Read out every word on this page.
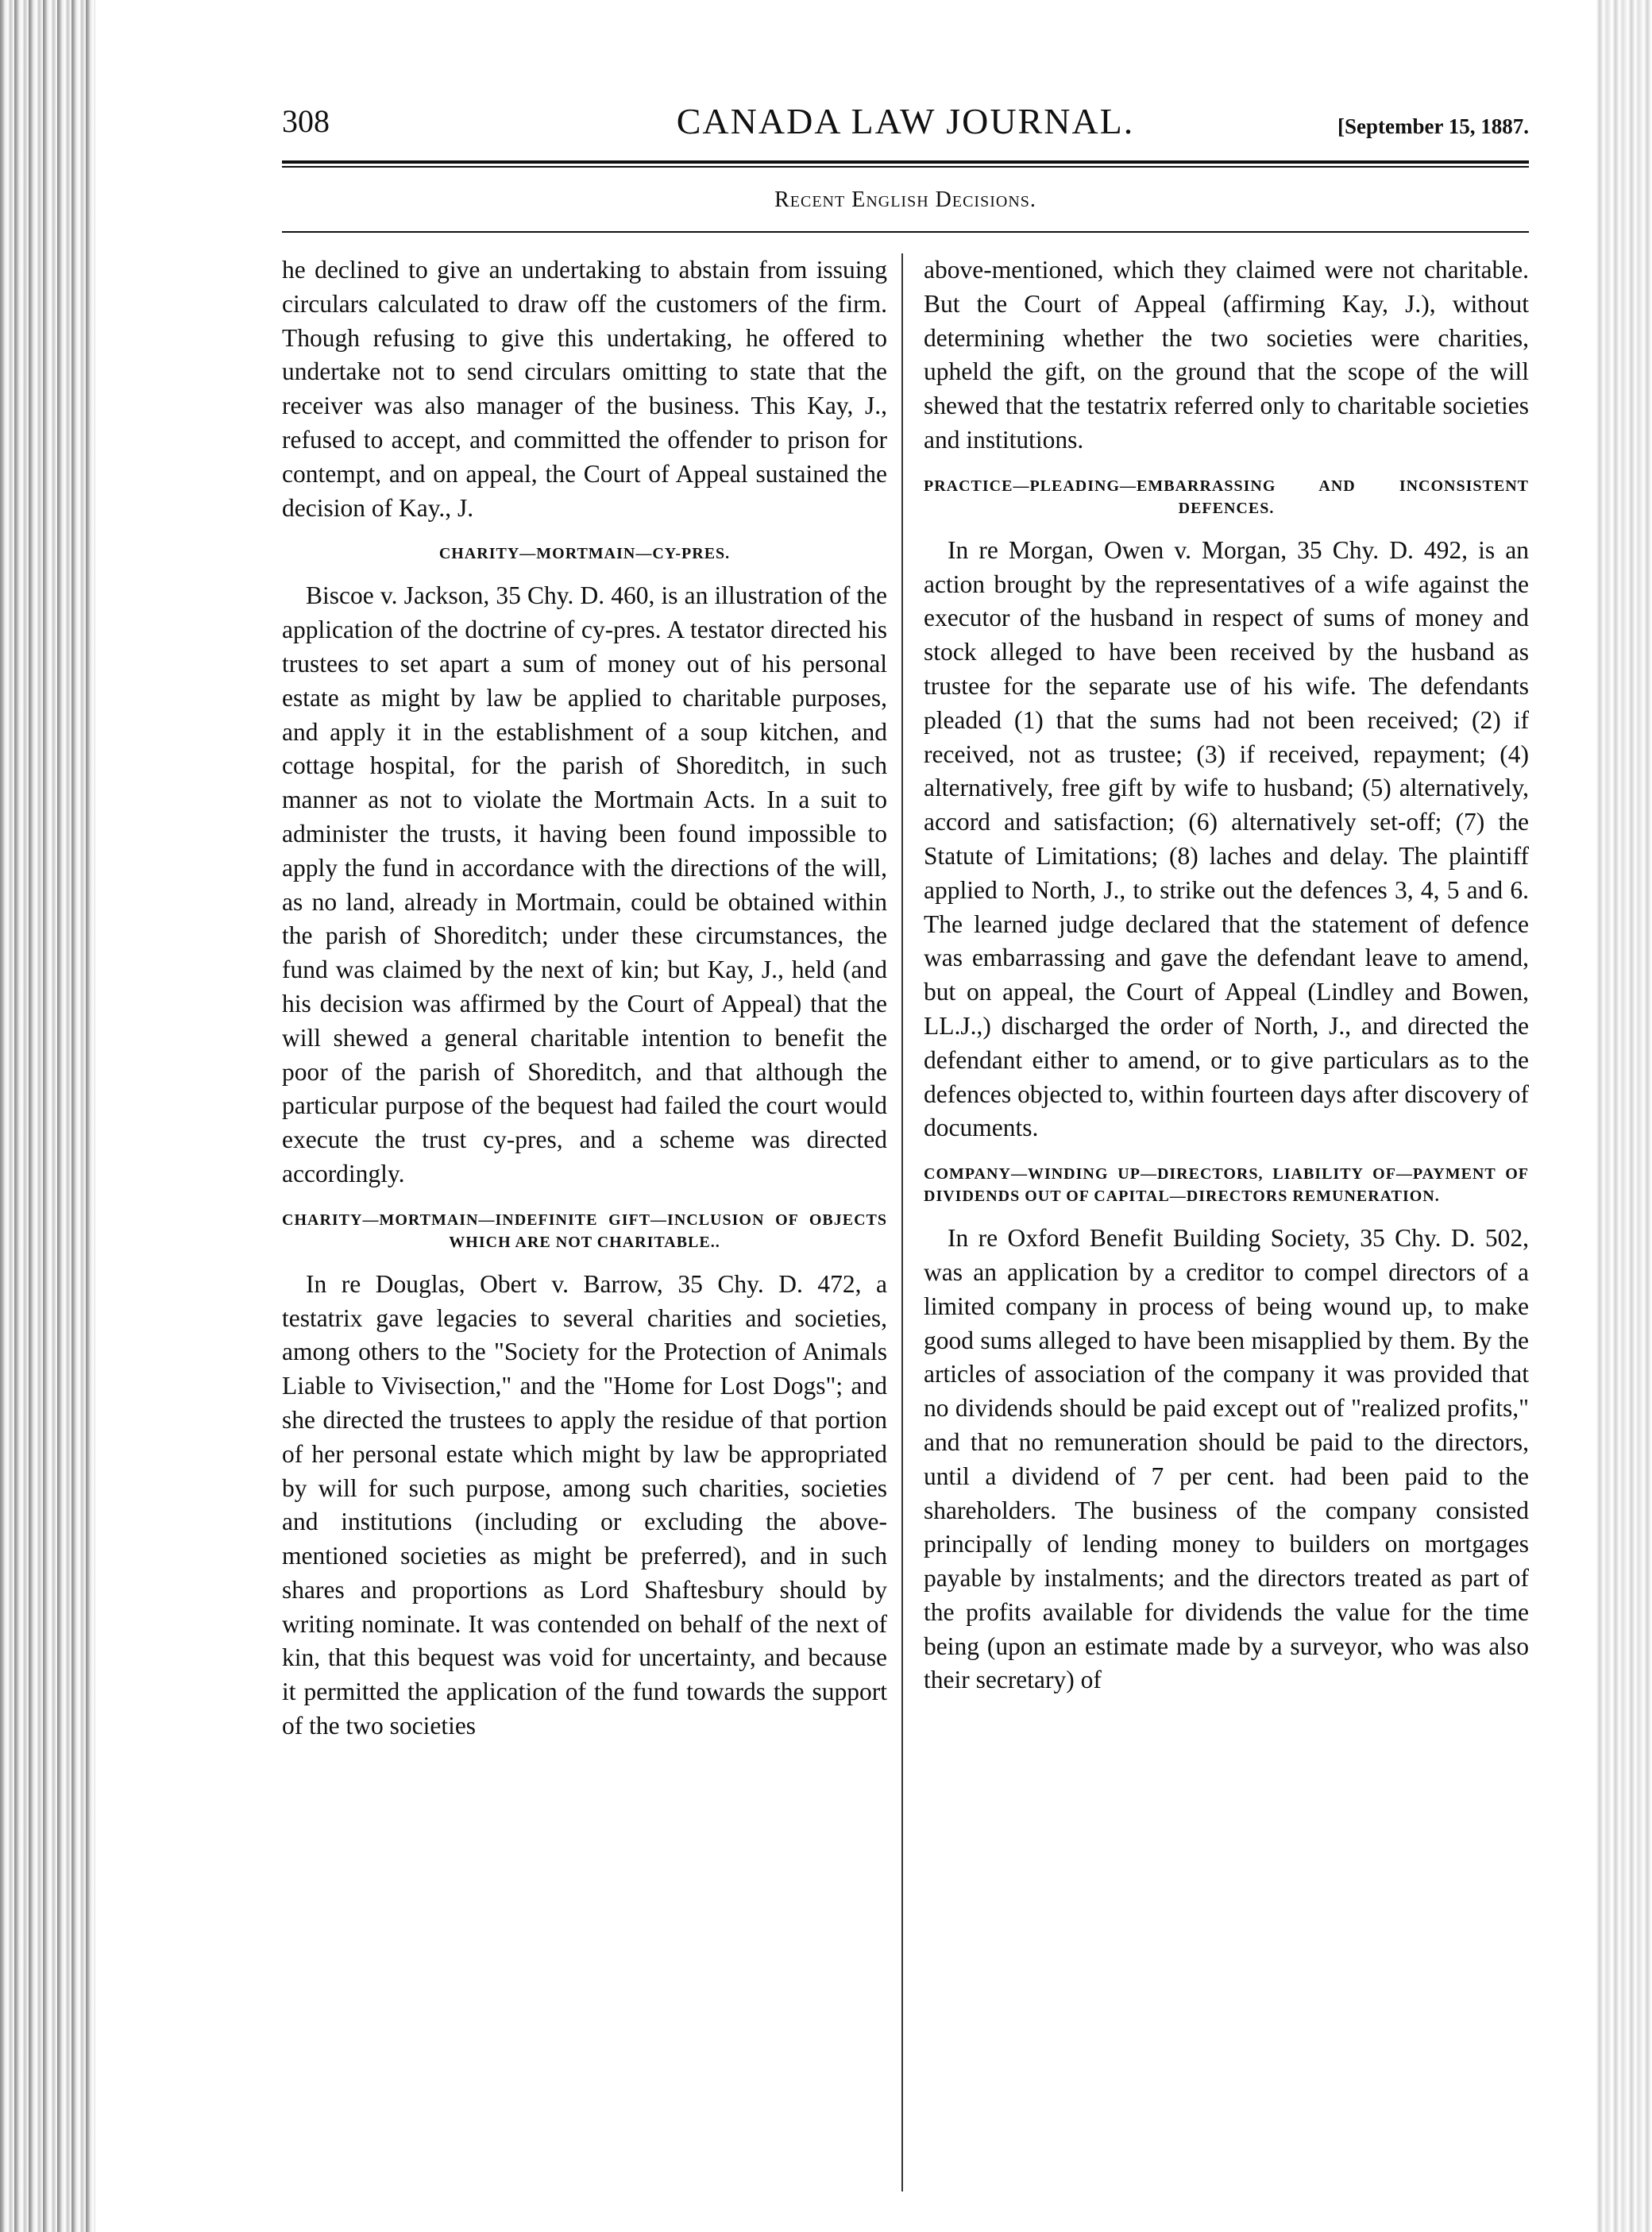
308	CANADA LAW JOURNAL.	[September 15, 1887.
Recent English Decisions.

he declined to give an undertaking to abstain from issuing circulars calculated to draw off the customers of the firm. Though refusing to give this undertaking, he offered to undertake not to send circulars omitting to state that the receiver was also manager of the business. This Kay, J., refused to accept, and committed the offender to prison for contempt, and on appeal, the Court of Appeal sustained the decision of Kay., J.

CHARITY—MORTMAIN—CY-PRES.

Biscoe v. Jackson, 35 Chy. D. 460, is an illustration of the application of the doctrine of cy-pres. A testator directed his trustees to set apart a sum of money out of his personal estate as might by law be applied to charitable purposes, and apply it in the establishment of a soup kitchen, and cottage hospital, for the parish of Shoreditch, in such manner as not to violate the Mortmain Acts. In a suit to administer the trusts, it having been found impossible to apply the fund in accordance with the directions of the will, as no land, already in Mortmain, could be obtained within the parish of Shoreditch; under these circumstances, the fund was claimed by the next of kin; but Kay, J., held (and his decision was affirmed by the Court of Appeal) that the will shewed a general charitable intention to benefit the poor of the parish of Shoreditch, and that although the particular purpose of the bequest had failed the court would execute the trust cy-pres, and a scheme was directed accordingly.

CHARITY—MORTMAIN—INDEFINITE GIFT—INCLUSION OF OBJECTS WHICH ARE NOT CHARITABLE..

In re Douglas, Obert v. Barrow, 35 Chy. D. 472, a testatrix gave legacies to several charities and societies, among others to the "Society for the Protection of Animals Liable to Vivisection," and the "Home for Lost Dogs"; and she directed the trustees to apply the residue of that portion of her personal estate which might by law be appropriated by will for such purpose, among such charities, societies and institutions (including or excluding the above-mentioned societies as might be preferred), and in such shares and proportions as Lord Shaftesbury should by writing nominate. It was contended on behalf of the next of kin, that this bequest was void for uncertainty, and because it permitted the application of the fund towards the support of the two societies

above-mentioned, which they claimed were not charitable. But the Court of Appeal (affirming Kay, J.), without determining whether the two societies were charities, upheld the gift, on the ground that the scope of the will shewed that the testatrix referred only to charitable societies and institutions.

PRACTICE—PLEADING—EMBARRASSING AND INCONSISTENT DEFENCES.

In re Morgan, Owen v. Morgan, 35 Chy. D. 492, is an action brought by the representatives of a wife against the executor of the husband in respect of sums of money and stock alleged to have been received by the husband as trustee for the separate use of his wife. The defendants pleaded (1) that the sums had not been received; (2) if received, not as trustee; (3) if received, repayment; (4) alternatively, free gift by wife to husband; (5) alternatively, accord and satisfaction; (6) alternatively set-off; (7) the Statute of Limitations; (8) laches and delay. The plaintiff applied to North, J., to strike out the defences 3, 4, 5 and 6. The learned judge declared that the statement of defence was embarrassing and gave the defendant leave to amend, but on appeal, the Court of Appeal (Lindley and Bowen, LL.J.,) discharged the order of North, J., and directed the defendant either to amend, or to give particulars as to the defences objected to, within fourteen days after discovery of documents.

COMPANY—WINDING UP—DIRECTORS, LIABILITY OF—PAYMENT OF DIVIDENDS OUT OF CAPITAL—DIRECTORS REMUNERATION.

In re Oxford Benefit Building Society, 35 Chy. D. 502, was an application by a creditor to compel directors of a limited company in process of being wound up, to make good sums alleged to have been misapplied by them. By the articles of association of the company it was provided that no dividends should be paid except out of "realized profits," and that no remuneration should be paid to the directors, until a dividend of 7 per cent. had been paid to the shareholders. The business of the company consisted principally of lending money to builders on mortgages payable by instalments; and the directors treated as part of the profits available for dividends the value for the time being (upon an estimate made by a surveyor, who was also their secretary) of
